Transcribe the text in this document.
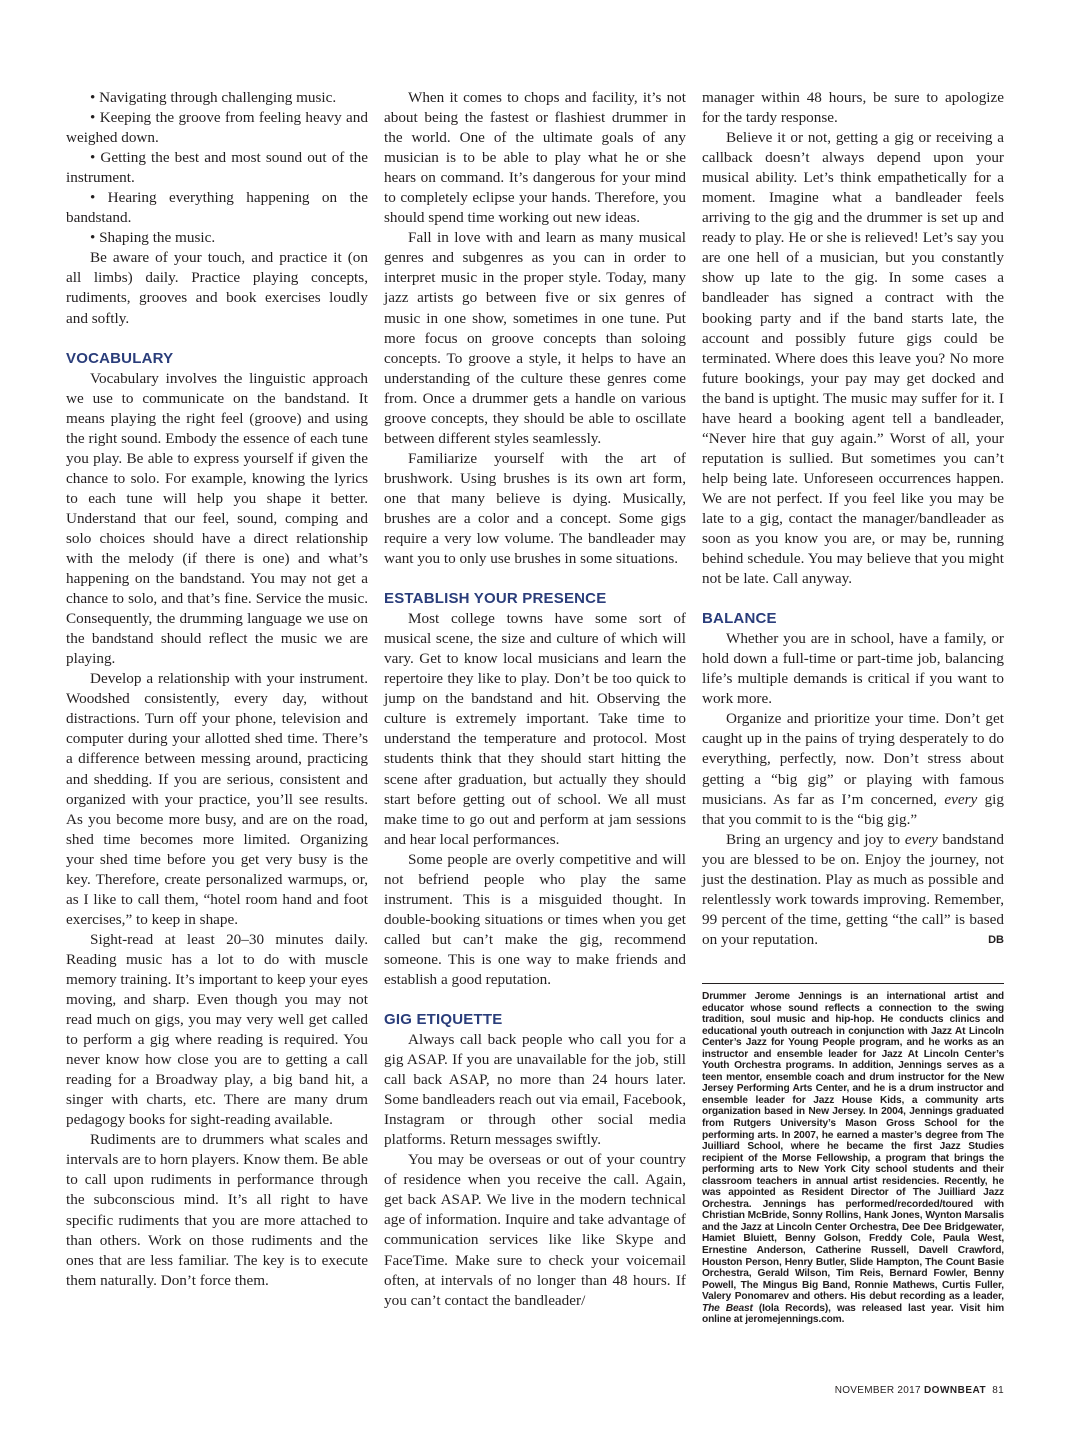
• Navigating through challenging music.

• Keeping the groove from feeling heavy and weighed down.

• Getting the best and most sound out of the instrument.

• Hearing everything happening on the bandstand.

• Shaping the music.

Be aware of your touch, and practice it (on all limbs) daily. Practice playing concepts, rudiments, grooves and book exercises loudly and softly.

VOCABULARY

Vocabulary involves the linguistic approach we use to communicate on the bandstand. It means playing the right feel (groove) and using the right sound. Embody the essence of each tune you play. Be able to express yourself if given the chance to solo. For example, knowing the lyrics to each tune will help you shape it better. Understand that our feel, sound, comping and solo choices should have a direct relationship with the melody (if there is one) and what’s happening on the bandstand. You may not get a chance to solo, and that’s fine. Service the music. Consequently, the drumming language we use on the bandstand should reflect the music we are playing.

Develop a relationship with your instrument. Woodshed consistently, every day, without distractions. Turn off your phone, television and computer during your allotted shed time. There’s a difference between messing around, practicing and shedding. If you are serious, consistent and organized with your practice, you’ll see results. As you become more busy, and are on the road, shed time becomes more limited. Organizing your shed time before you get very busy is the key. Therefore, create personalized warmups, or, as I like to call them, “hotel room hand and foot exercises,” to keep in shape.

Sight-read at least 20–30 minutes daily. Reading music has a lot to do with muscle memory training. It’s important to keep your eyes moving, and sharp. Even though you may not read much on gigs, you may very well get called to perform a gig where reading is required. You never know how close you are to getting a call reading for a Broadway play, a big band hit, a singer with charts, etc. There are many drum pedagogy books for sight-reading available.

Rudiments are to drummers what scales and intervals are to horn players. Know them. Be able to call upon rudiments in performance through the subconscious mind. It’s all right to have specific rudiments that you are more attached to than others. Work on those rudiments and the ones that are less familiar. The key is to execute them naturally. Don’t force them.

When it comes to chops and facility, it’s not about being the fastest or flashiest drummer in the world. One of the ultimate goals of any musician is to be able to play what he or she hears on command. It’s dangerous for your mind to completely eclipse your hands. Therefore, you should spend time working out new ideas.

Fall in love with and learn as many musical genres and subgenres as you can in order to interpret music in the proper style. Today, many jazz artists go between five or six genres of music in one show, sometimes in one tune. Put more focus on groove concepts than soloing concepts. To groove a style, it helps to have an understanding of the culture these genres come from. Once a drummer gets a handle on various groove concepts, they should be able to oscillate between different styles seamlessly.

Familiarize yourself with the art of brushwork. Using brushes is its own art form, one that many believe is dying. Musically, brushes are a color and a concept. Some gigs require a very low volume. The bandleader may want you to only use brushes in some situations.

ESTABLISH YOUR PRESENCE

Most college towns have some sort of musical scene, the size and culture of which will vary. Get to know local musicians and learn the repertoire they like to play. Don’t be too quick to jump on the bandstand and hit. Observing the culture is extremely important. Take time to understand the temperature and protocol. Most students think that they should start hitting the scene after graduation, but actually they should start before getting out of school. We all must make time to go out and perform at jam sessions and hear local performances.

Some people are overly competitive and will not befriend people who play the same instrument. This is a misguided thought. In double-booking situations or times when you get called but can’t make the gig, recommend someone. This is one way to make friends and establish a good reputation.

GIG ETIQUETTE

Always call back people who call you for a gig ASAP. If you are unavailable for the job, still call back ASAP, no more than 24 hours later. Some bandleaders reach out via email, Facebook, Instagram or through other social media platforms. Return messages swiftly.

You may be overseas or out of your country of residence when you receive the call. Again, get back ASAP. We live in the modern technical age of information. Inquire and take advantage of communication services like like Skype and FaceTime. Make sure to check your voicemail often, at intervals of no longer than 48 hours. If you can’t contact the bandleader/

manager within 48 hours, be sure to apologize for the tardy response.

Believe it or not, getting a gig or receiving a callback doesn’t always depend upon your musical ability. Let’s think empathetically for a moment. Imagine what a bandleader feels arriving to the gig and the drummer is set up and ready to play. He or she is relieved! Let’s say you are one hell of a musician, but you constantly show up late to the gig. In some cases a bandleader has signed a contract with the booking party and if the band starts late, the account and possibly future gigs could be terminated. Where does this leave you? No more future bookings, your pay may get docked and the band is uptight. The music may suffer for it. I have heard a booking agent tell a bandleader, “Never hire that guy again.” Worst of all, your reputation is sullied. But sometimes you can’t help being late. Unforeseen occurrences happen. We are not perfect. If you feel like you may be late to a gig, contact the manager/bandleader as soon as you know you are, or may be, running behind schedule. You may believe that you might not be late. Call anyway.

BALANCE

Whether you are in school, have a family, or hold down a full-time or part-time job, balancing life’s multiple demands is critical if you want to work more.

Organize and prioritize your time. Don’t get caught up in the pains of trying desperately to do everything, perfectly, now. Don’t stress about getting a “big gig” or playing with famous musicians. As far as I’m concerned, every gig that you commit to is the “big gig.”

Bring an urgency and joy to every bandstand you are blessed to be on. Enjoy the journey, not just the destination. Play as much as possible and relentlessly work towards improving. Remember, 99 percent of the time, getting “the call” is based on your reputation.	DB

Drummer Jerome Jennings is an international artist and educator whose sound reflects a connection to the swing tradition, soul music and hip-hop. He conducts clinics and educational youth outreach in conjunction with Jazz At Lincoln Center’s Jazz for Young People program, and he works as an instructor and ensemble leader for Jazz At Lincoln Center’s Youth Orchestra programs. In addition, Jennings serves as a teen mentor, ensemble coach and drum instructor for the New Jersey Performing Arts Center, and he is a drum instructor and ensemble leader for Jazz House Kids, a community arts organization based in New Jersey. In 2004, Jennings graduated from Rutgers University’s Mason Gross School for the performing arts. In 2007, he earned a master’s degree from The Juilliard School, where he became the first Jazz Studies recipient of the Morse Fellowship, a program that brings the performing arts to New York City school students and their classroom teachers in annual artist residencies. Recently, he was appointed as Resident Director of The Juilliard Jazz Orchestra. Jennings has performed/recorded/toured with Christian McBride, Sonny Rollins, Hank Jones, Wynton Marsalis and the Jazz at Lincoln Center Orchestra, Dee Dee Bridgewater, Hamiet Bluiett, Benny Golson, Freddy Cole, Paula West, Ernestine Anderson, Catherine Russell, Davell Crawford, Houston Person, Henry Butler, Slide Hampton, The Count Basie Orchestra, Gerald Wilson, Tim Reis, Bernard Fowler, Benny Powell, The Mingus Big Band, Ronnie Mathews, Curtis Fuller, Valery Ponomarev and others. His debut recording as a leader, The Beast (Iola Records), was released last year. Visit him online at jeromejennings.com.
NOVEMBER 2017 DOWNBEAT 81
